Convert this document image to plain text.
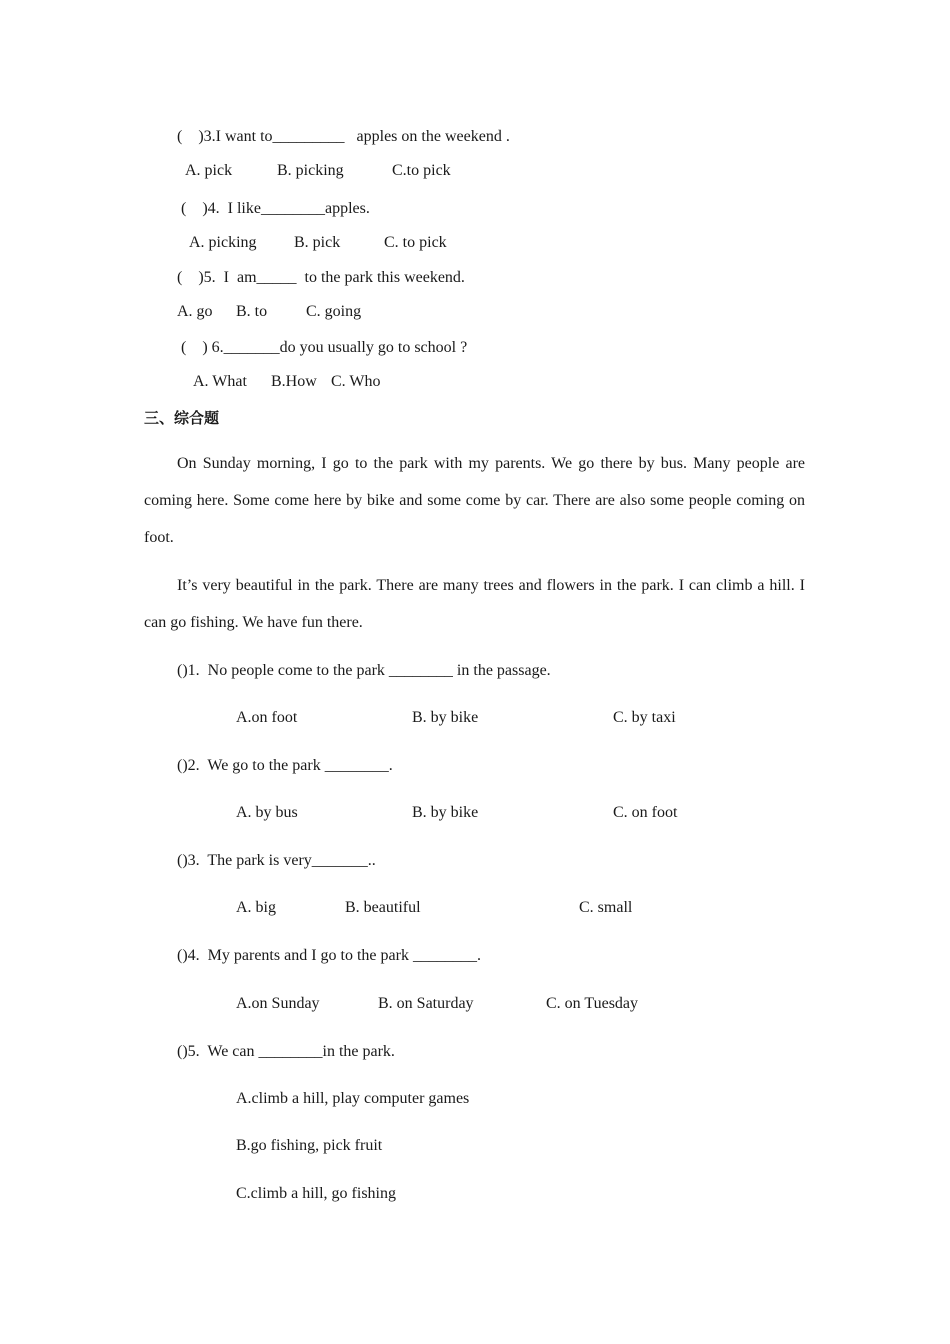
(    )3.I want to_________   apples on the weekend .
A. pick	B. picking	C.to pick
(    )4.  I like________apples.
A. picking B. pick	C. to pick
(    )5.  I  am_____  to the park this weekend.
A. go B. to C. going
(    ) 6._______do you usually go to school ?
A. What B.How C. Who
三、综合题
On Sunday morning, I go to the park with my parents. We go there by bus. Many people are coming here. Some come here by bike and some come by car. There are also some people coming on foot.
It’s very beautiful in the park. There are many trees and flowers in the park. I can climb a hill. I can go fishing. We have fun there.
()1.  No people come to the park ________ in the passage.
A.on foot	B. by bike	C. by taxi
()2.  We go to the park ________.
A. by bus	B. by bike	C. on foot
()3.  The park is very_______..
A. big	B. beautiful	C. small
()4.  My parents and I go to the park ________.
A.on Sunday	B. on Saturday	C. on Tuesday
()5.  We can ________in the park.
A.climb a hill, play computer games
B.go fishing, pick fruit
C.climb a hill, go fishing
